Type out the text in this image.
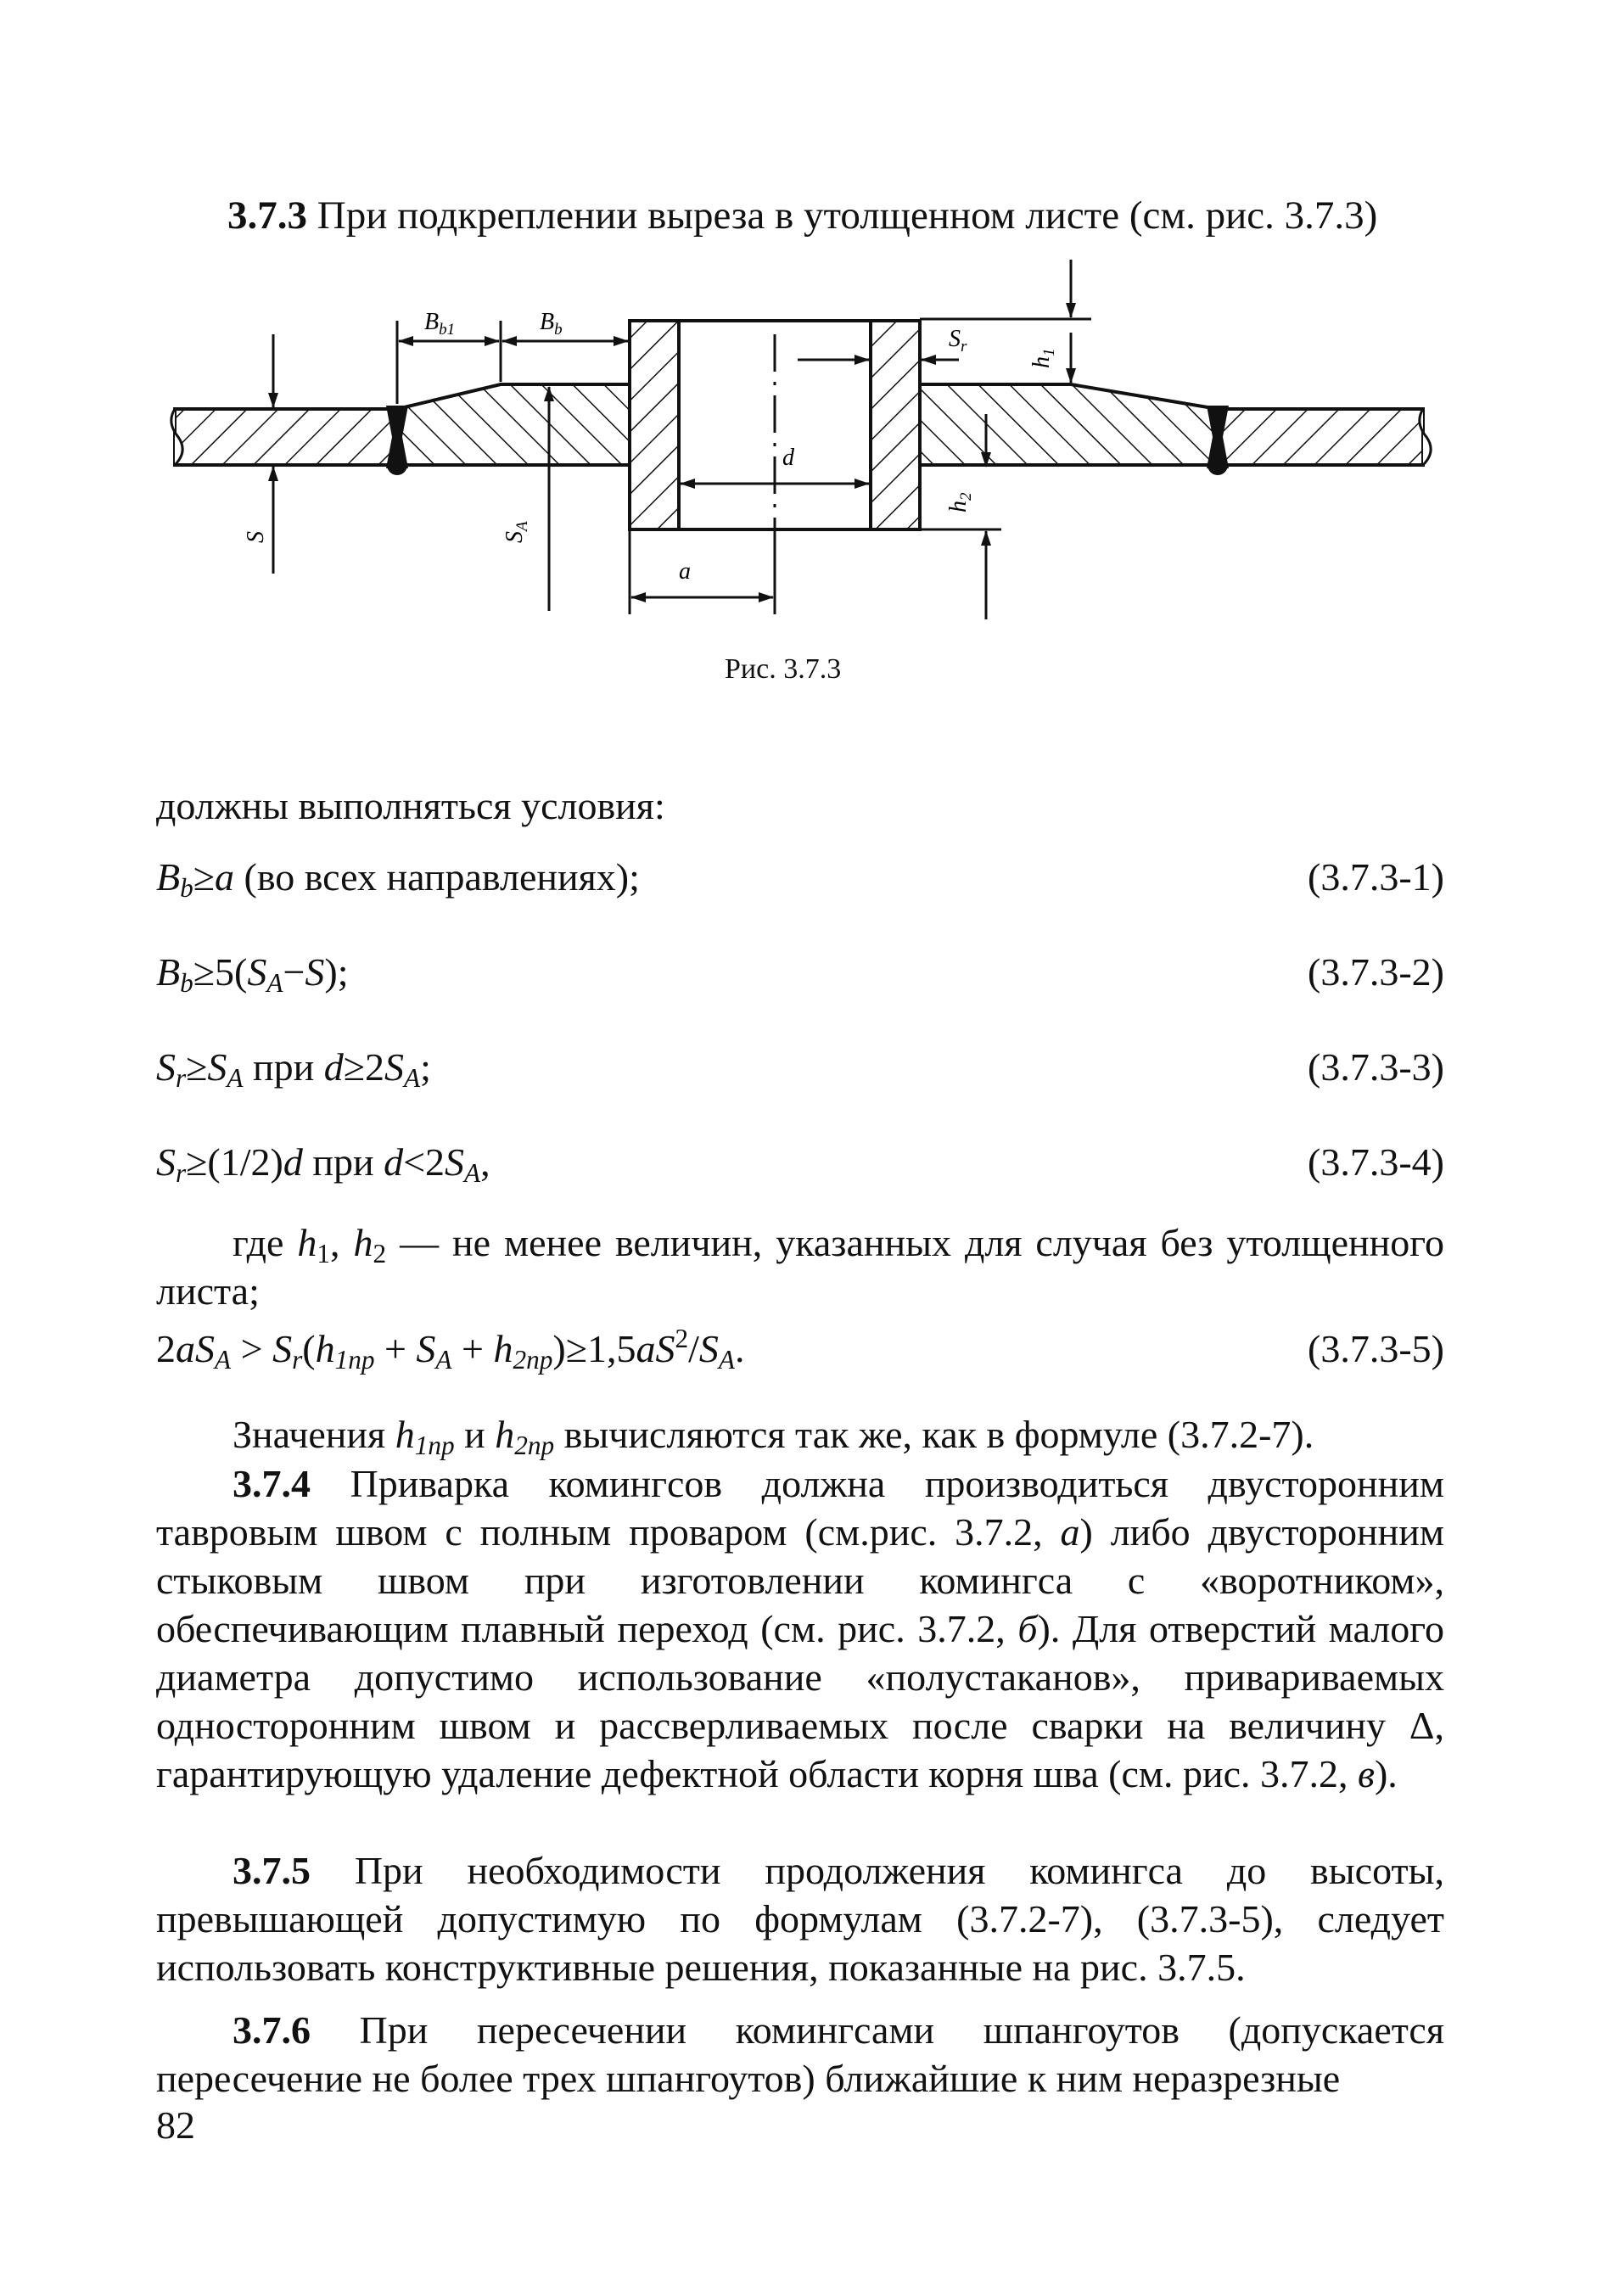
3.7.3 При подкреплении выреза в утолщенном листе (см. рис. 3.7.3)
$B_{b1}$	$B_b$
S	$S_A$
a
d
$S_r$
$h_1$
$h_2$
Рис. 3.7.3
должны выполняться условия:
$B_b\ge a$ (во всех направлениях);	(3.7.3-1)
$B_b\ge 5(S_A-S)$;	(3.7.3-2)
$S_r\ge S_A$ при $d\ge 2S_A$;	(3.7.3-3)
$S_r\ge(1/2)d$ при $d<2S_A$,	(3.7.3-4)
где $h_1$, $h_2$ — не менее величин, указанных для случая без утолщенного листа;
$2aS_A > S_r(h_{1пр} + S_A + h_{2пр})\ge 1,5aS^2/S_A$.	(3.7.3-5)
Значения $h_{1пр}$ и $h_{2пр}$ вычисляются так же, как в формуле (3.7.2-7).
3.7.4 Приварка комингсов должна производиться двусторонним тавровым швом с полным проваром (см.рис. 3.7.2, а) либо двусторонним стыковым швом при изготовлении комингса с «воротником», обеспечивающим плавный переход (см. рис. 3.7.2, б). Для отверстий малого диаметра допустимо использование «полустаканов», привариваемых односторонним швом и рассверливаемых после сварки на величину Δ, гарантирующую удаление дефектной области корня шва (см. рис. 3.7.2, в).
3.7.5 При необходимости продолжения комингса до высоты, превышающей допустимую по формулам (3.7.2-7), (3.7.3-5), следует использовать конструктивные решения, показанные на рис. 3.7.5.
3.7.6 При пересечении комингсами шпангоутов (допускается пересечение не более трех шпангоутов) ближайшие к ним неразрезные
82
